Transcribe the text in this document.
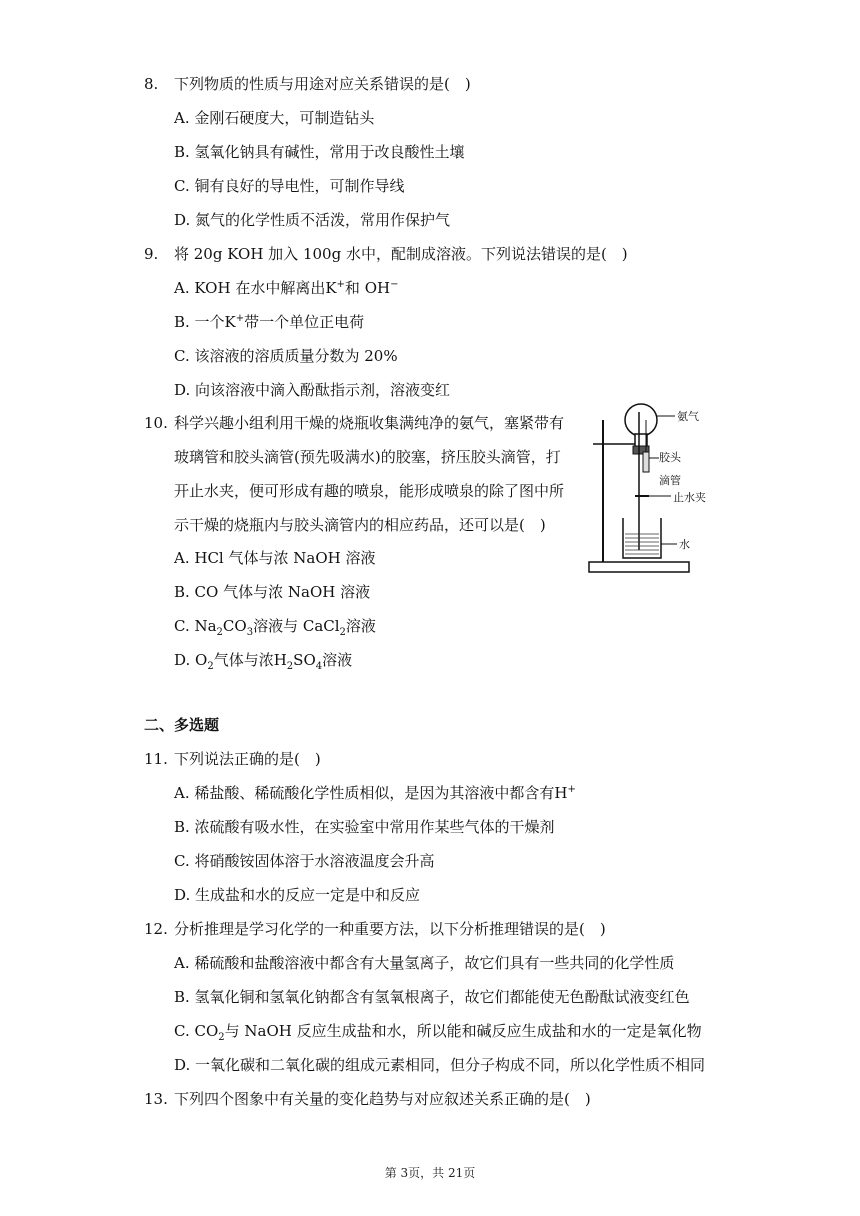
8. 下列物质的性质与用途对应关系错误的是(　)
A. 金刚石硬度大，可制造钻头
B. 氢氧化钠具有碱性，常用于改良酸性土壤
C. 铜有良好的导电性，可制作导线
D. 氮气的化学性质不活泼，常用作保护气
9. 将 20g KOH 加入 100g 水中，配制成溶液。下列说法错误的是(　)
A. KOH 在水中解离出K+和 OH−
B. 一个K+带一个单位正电荷
C. 该溶液的溶质质量分数为 20%
D. 向该溶液中滴入酚酞指示剂，溶液变红
10. 科学兴趣小组利用干燥的烧瓶收集满纯净的氨气，塞紧带有
玻璃管和胶头滴管(预先吸满水)的胶塞，挤压胶头滴管，打
开止水夹，便可形成有趣的喷泉，能形成喷泉的除了图中所
示干燥的烧瓶内与胶头滴管内的相应药品，还可以是(　)
A. HCl 气体与浓 NaOH 溶液
B. CO 气体与浓 NaOH 溶液
C. $Na_2CO_3$溶液与 CaCl$_2$溶液
D. $O_2$气体与浓$H_2SO_4$溶液
氨气
胶头
滴管
止水夹
水
二、多选题
11. 下列说法正确的是(　)
A. 稀盐酸、稀硫酸化学性质相似，是因为其溶液中都含有H+
B. 浓硫酸有吸水性，在实验室中常用作某些气体的干燥剂
C. 将硝酸铵固体溶于水溶液温度会升高
D. 生成盐和水的反应一定是中和反应
12. 分析推理是学习化学的一种重要方法，以下分析推理错误的是(　)
A. 稀硫酸和盐酸溶液中都含有大量氢离子，故它们具有一些共同的化学性质
B. 氢氧化铜和氢氧化钠都含有氢氧根离子，故它们都能使无色酚酞试液变红色
C. $CO_2$与 NaOH 反应生成盐和水，所以能和碱反应生成盐和水的一定是氧化物
D. 一氧化碳和二氧化碳的组成元素相同，但分子构成不同，所以化学性质不相同
13. 下列四个图象中有关量的变化趋势与对应叙述关系正确的是(　)
第 3页，共 21页
